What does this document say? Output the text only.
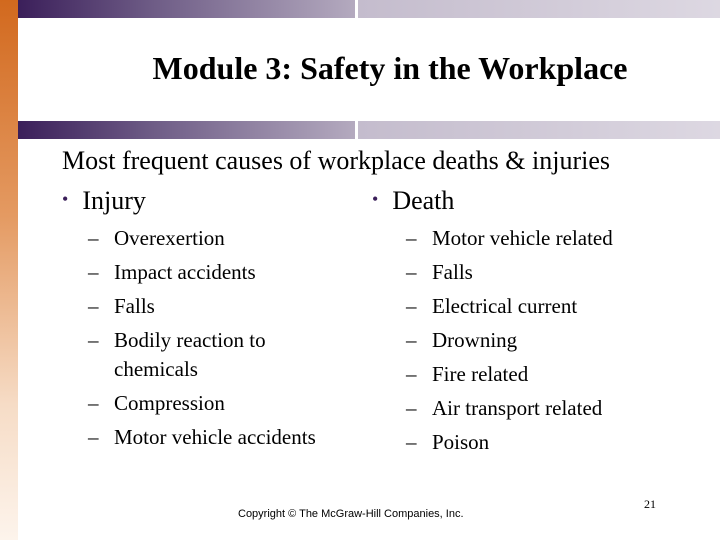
Module 3: Safety in the Workplace

Most frequent causes of workplace deaths & injuries

• Injury	• Death
– Overexertion
– Impact accidents
– Falls
– Bodily reaction to chemicals
– Compression
– Motor vehicle accidents
– Motor vehicle related
– Falls
– Electrical current
– Drowning
– Fire related
– Air transport related
– Poison
Copyright © The McGraw-Hill Companies, Inc.
21
